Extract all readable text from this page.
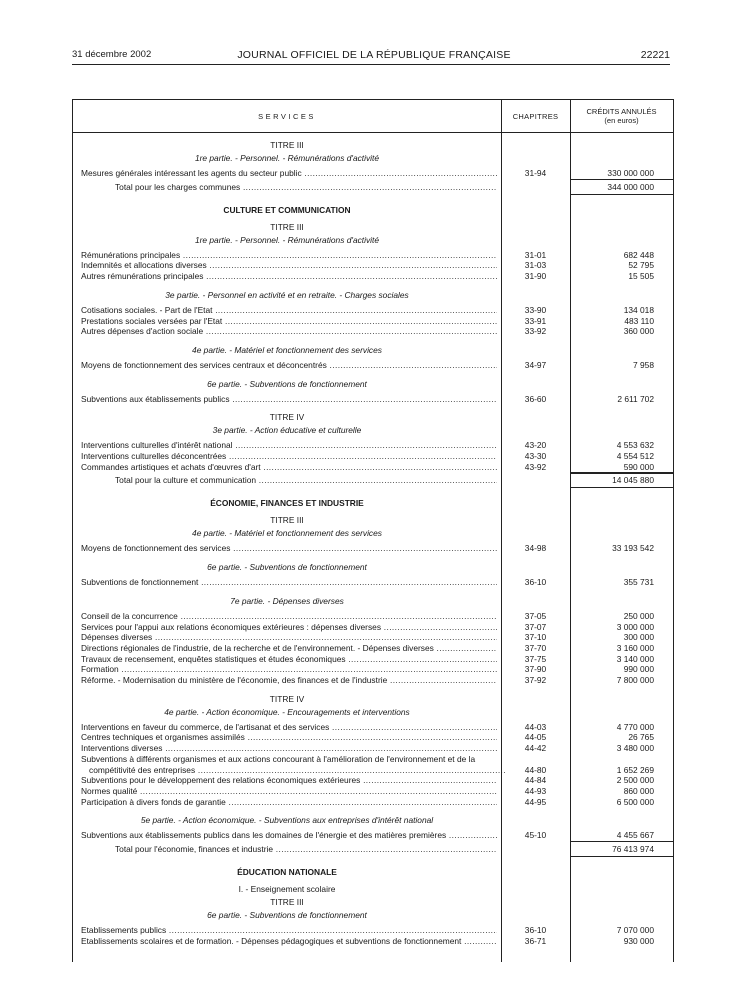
31 décembre 2002	JOURNAL OFFICIEL DE LA RÉPUBLIQUE FRANÇAISE	22221
SERVICES	CHAPITRES	CRÉDITS ANNULÉS
(en euros)
TITRE III
1re partie. - Personnel. - Rémunérations d'activité
Mesures générales intéressant les agents du secteur public .....	31-94	330 000 000
Total pour les charges communes .....	344 000 000
CULTURE ET COMMUNICATION
TITRE III
1re partie. - Personnel. - Rémunérations d'activité
Rémunérations principales .....	31-01	682 448
Indemnités et allocations diverses .....	31-03	52 795
Autres rémunérations principales .....	31-90	15 505
3e partie. - Personnel en activité et en retraite. - Charges sociales
Cotisations sociales. - Part de l'Etat .....	33-90	134 018
Prestations sociales versées par l'Etat .....	33-91	483 110
Autres dépenses d'action sociale .....	33-92	360 000
4e partie. - Matériel et fonctionnement des services
Moyens de fonctionnement des services centraux et déconcentrés .....	34-97	7 958
6e partie. - Subventions de fonctionnement
Subventions aux établissements publics .....	36-60	2 611 702
TITRE IV
3e partie. - Action éducative et culturelle
Interventions culturelles d'intérêt national .....	43-20	4 553 632
Interventions culturelles déconcentrées .....	43-30	4 554 512
Commandes artistiques et achats d'œuvres d'art .....	43-92	590 000
Total pour la culture et communication .....	14 045 880
ÉCONOMIE, FINANCES ET INDUSTRIE
TITRE III
4e partie. - Matériel et fonctionnement des services
Moyens de fonctionnement des services .....	34-98	33 193 542
6e partie. - Subventions de fonctionnement
Subventions de fonctionnement .....	36-10	355 731
7e partie. - Dépenses diverses
Conseil de la concurrence .....	37-05	250 000
Services pour l'appui aux relations économiques extérieures : dépenses diverses .....	37-07	3 000 000
Dépenses diverses .....	37-10	300 000
Directions régionales de l'industrie, de la recherche et de l'environnement. - Dépenses diverses .....	37-70	3 160 000
Travaux de recensement, enquêtes statistiques et études économiques .....	37-75	3 140 000
Formation .....	37-90	990 000
Réforme. - Modernisation du ministère de l'économie, des finances et de l'industrie .....	37-92	7 800 000
TITRE IV
4e partie. - Action économique. - Encouragements et interventions
Interventions en faveur du commerce, de l'artisanat et des services .....	44-03	4 770 000
Centres techniques et organismes assimilés .....	44-05	26 765
Interventions diverses .....	44-42	3 480 000
Subventions à différents organismes et aux actions concourant à l'amélioration de l'environnement et de la
compétitivité des entreprises .....	44-80	1 652 269
Subventions pour le développement des relations économiques extérieures .....	44-84	2 500 000
Normes qualité .....	44-93	860 000
Participation à divers fonds de garantie .....	44-95	6 500 000
5e partie. - Action économique. - Subventions aux entreprises d'intérêt national
Subventions aux établissements publics dans les domaines de l'énergie et des matières premières .....	45-10	4 455 667
Total pour l'économie, finances et industrie .....	76 413 974
ÉDUCATION NATIONALE
I. - Enseignement scolaire
TITRE III
6e partie. - Subventions de fonctionnement
Etablissements publics .....	36-10	7 070 000
Etablissements scolaires et de formation. - Dépenses pédagogiques et subventions de fonctionnement .....	36-71	930 000
